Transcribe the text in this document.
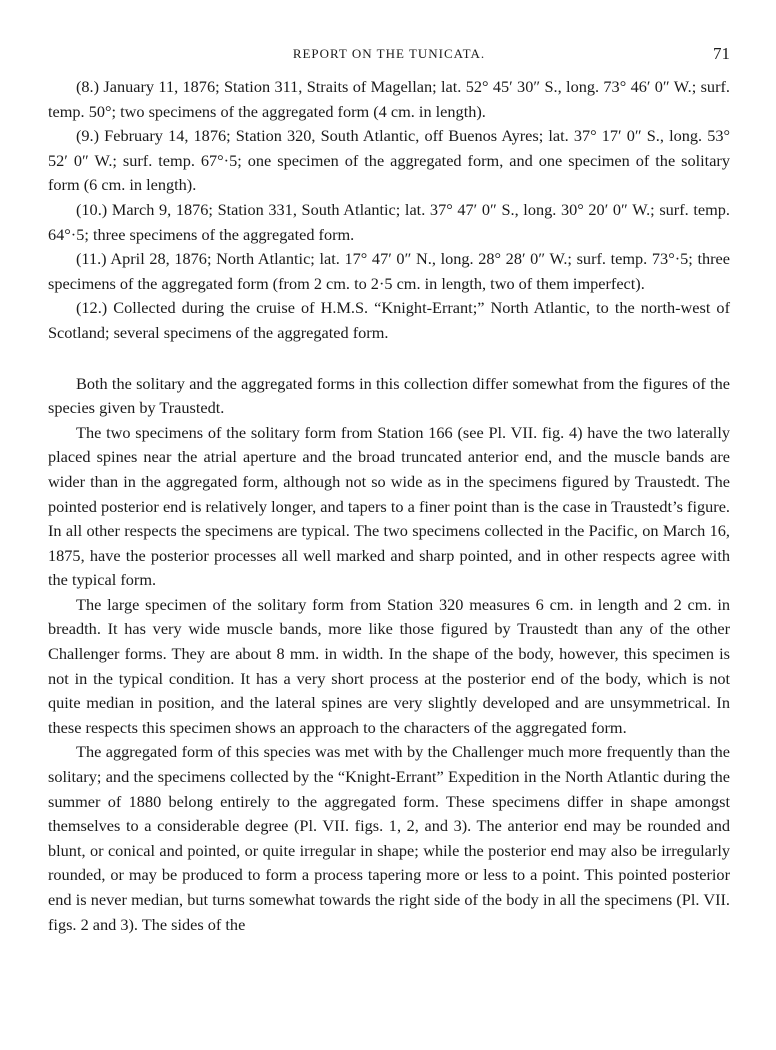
REPORT ON THE TUNICATA.	71

(8.) January 11, 1876; Station 311, Straits of Magellan; lat. 52° 45′ 30″ S., long. 73° 46′ 0″ W.; surf. temp. 50°; two specimens of the aggregated form (4 cm. in length).

(9.) February 14, 1876; Station 320, South Atlantic, off Buenos Ayres; lat. 37° 17′ 0″ S., long. 53° 52′ 0″ W.; surf. temp. 67°·5; one specimen of the aggregated form, and one specimen of the solitary form (6 cm. in length).

(10.) March 9, 1876; Station 331, South Atlantic; lat. 37° 47′ 0″ S., long. 30° 20′ 0″ W.; surf. temp. 64°·5; three specimens of the aggregated form.

(11.) April 28, 1876; North Atlantic; lat. 17° 47′ 0″ N., long. 28° 28′ 0″ W.; surf. temp. 73°·5; three specimens of the aggregated form (from 2 cm. to 2·5 cm. in length, two of them imperfect).

(12.) Collected during the cruise of H.M.S. “Knight-Errant;” North Atlantic, to the north-west of Scotland; several specimens of the aggregated form.

Both the solitary and the aggregated forms in this collection differ somewhat from the figures of the species given by Traustedt.

The two specimens of the solitary form from Station 166 (see Pl. VII. fig. 4) have the two laterally placed spines near the atrial aperture and the broad truncated anterior end, and the muscle bands are wider than in the aggregated form, although not so wide as in the specimens figured by Traustedt. The pointed posterior end is relatively longer, and tapers to a finer point than is the case in Traustedt’s figure. In all other respects the specimens are typical. The two specimens collected in the Pacific, on March 16, 1875, have the posterior processes all well marked and sharp pointed, and in other respects agree with the typical form.

The large specimen of the solitary form from Station 320 measures 6 cm. in length and 2 cm. in breadth. It has very wide muscle bands, more like those figured by Traustedt than any of the other Challenger forms. They are about 8 mm. in width. In the shape of the body, however, this specimen is not in the typical condition. It has a very short process at the posterior end of the body, which is not quite median in position, and the lateral spines are very slightly developed and are unsymmetrical. In these respects this specimen shows an approach to the characters of the aggregated form.

The aggregated form of this species was met with by the Challenger much more frequently than the solitary; and the specimens collected by the “Knight-Errant” Expedition in the North Atlantic during the summer of 1880 belong entirely to the aggregated form. These specimens differ in shape amongst themselves to a considerable degree (Pl. VII. figs. 1, 2, and 3). The anterior end may be rounded and blunt, or conical and pointed, or quite irregular in shape; while the posterior end may also be irregularly rounded, or may be produced to form a process tapering more or less to a point. This pointed posterior end is never median, but turns somewhat towards the right side of the body in all the specimens (Pl. VII. figs. 2 and 3). The sides of the
